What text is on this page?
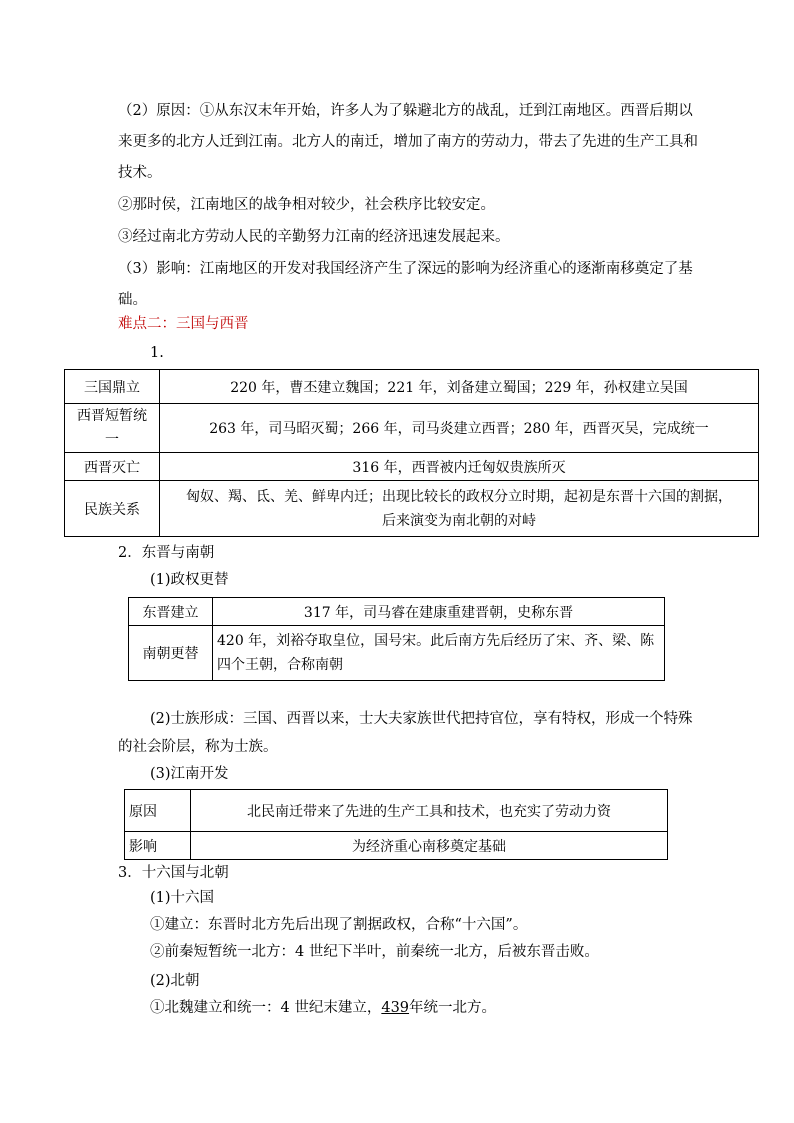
（2）原因：①从东汉末年开始，许多人为了躲避北方的战乱，迁到江南地区。西晋后期以
来更多的北方人迁到江南。北方人的南迁，增加了南方的劳动力，带去了先进的生产工具和
技术。
②那时侯，江南地区的战争相对较少，社会秩序比较安定。
③经过南北方劳动人民的辛勤努力江南的经济迅速发展起来。
（3）影响：江南地区的开发对我国经济产生了深远的影响为经济重心的逐渐南移奠定了基
础。
难点二：三国与西晋
1.
三国鼎立	220 年，曹丕建立魏国；221 年，刘备建立蜀国；229 年，孙权建立吴国

西晋短暂统
一	263 年，司马昭灭蜀；266 年，司马炎建立西晋；280 年，西晋灭吴，完成统一
西晋灭亡	316 年，西晋被内迁匈奴贵族所灭
民族关系	匈奴、羯、氐、羌、鲜卑内迁；出现比较长的政权分立时期，起初是东晋十六国的割据，
后来演变为南北朝的对峙
2．东晋与南朝
(1)政权更替
东晋建立	317 年，司马睿在建康重建晋朝，史称东晋
南朝更替	420 年，刘裕夺取皇位，国号宋。此后南方先后经历了宋、齐、梁、陈
四个王朝，合称南朝
(2)士族形成：三国、西晋以来，士大夫家族世代把持官位，享有特权，形成一个特殊
的社会阶层，称为士族。
(3)江南开发
原因	北民南迁带来了先进的生产工具和技术，也充实了劳动力资
影响	为经济重心南移奠定基础
3．十六国与北朝
(1)十六国
①建立：东晋时北方先后出现了割据政权，合称“十六国”。
②前秦短暂统一北方：4 世纪下半叶，前秦统一北方，后被东晋击败。
(2)北朝
①北魏建立和统一：4 世纪末建立，439年统一北方。
